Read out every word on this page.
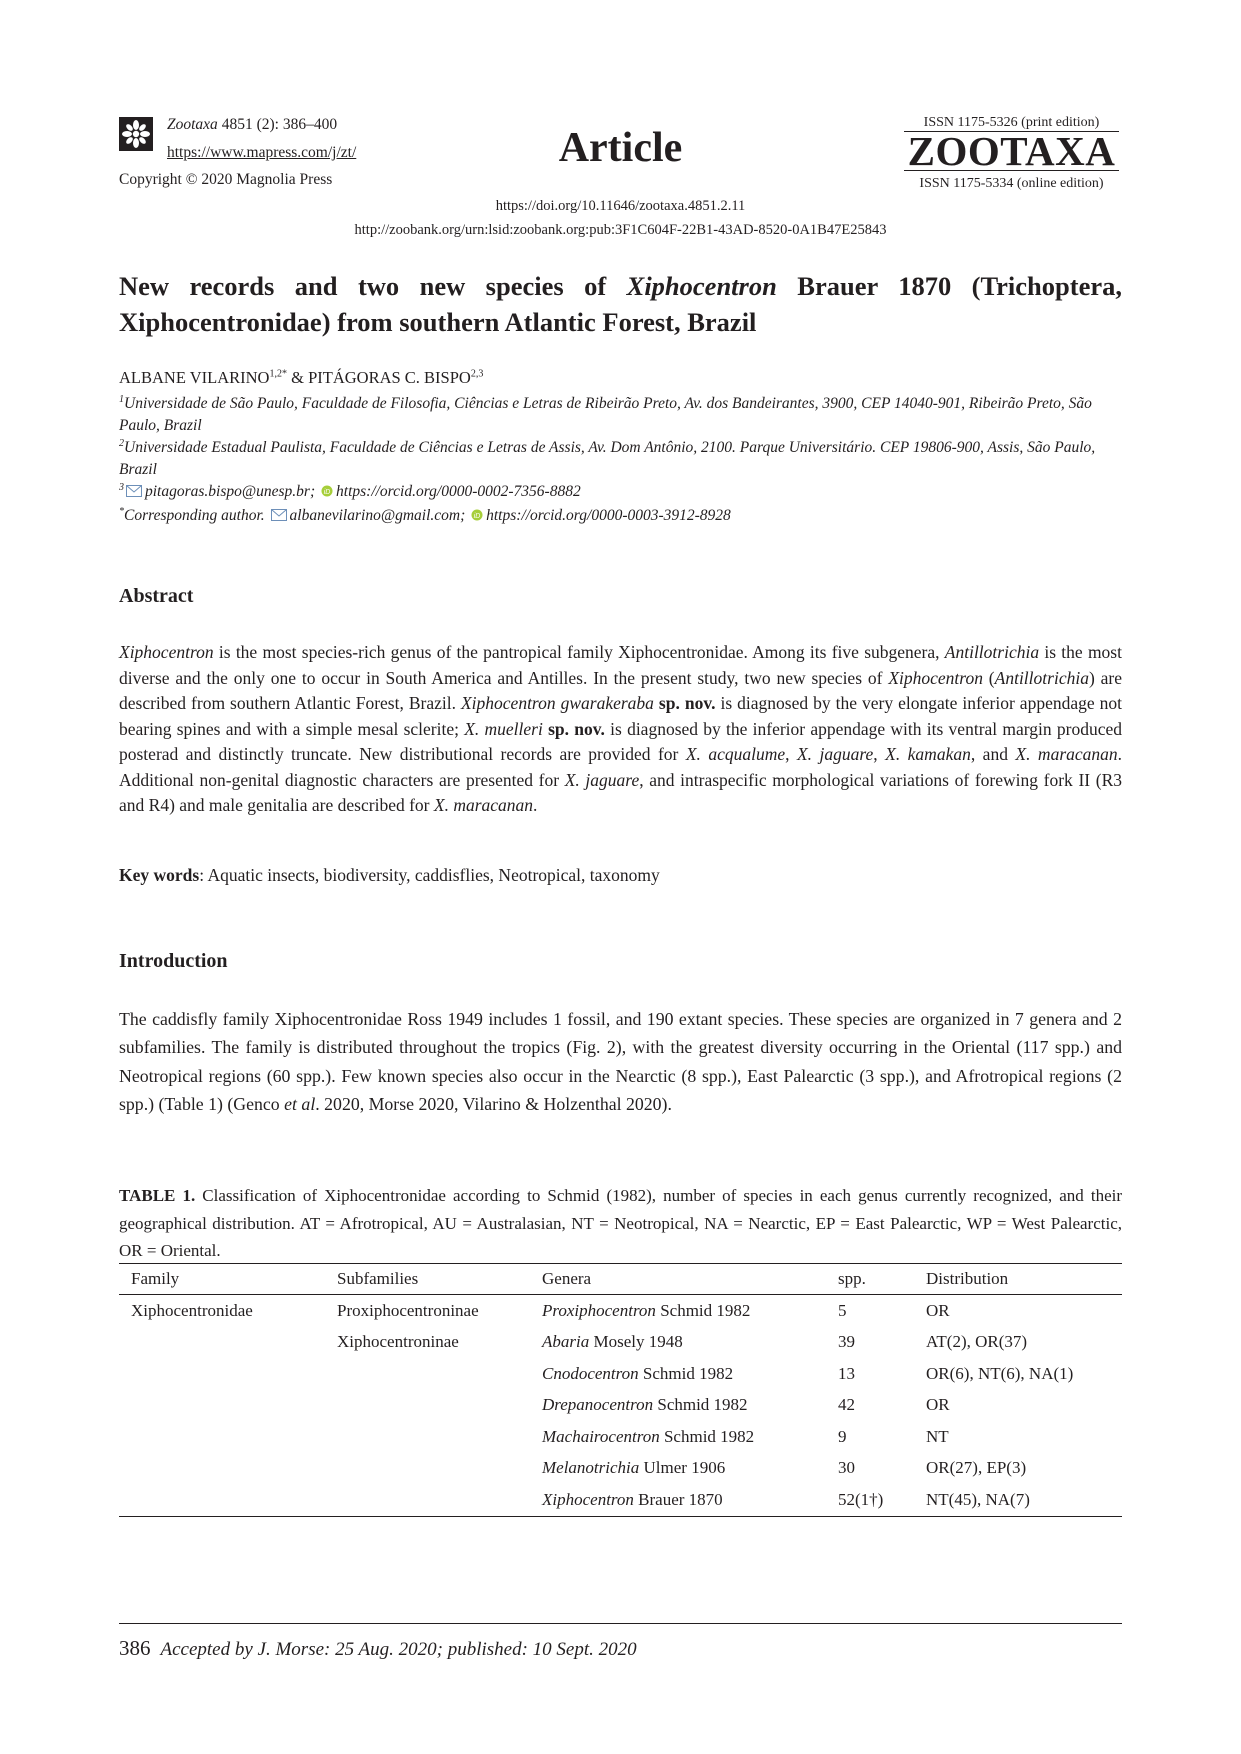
Zootaxa 4851 (2): 386–400
https://www.mapress.com/j/zt/
Copyright © 2020 Magnolia Press
Article
ISSN 1175-5326 (print edition)
ZOOTAXA
ISSN 1175-5334 (online edition)
https://doi.org/10.11646/zootaxa.4851.2.11
http://zoobank.org/urn:lsid:zoobank.org:pub:3F1C604F-22B1-43AD-8520-0A1B47E25843
New records and two new species of Xiphocentron Brauer 1870 (Trichoptera, Xiphocentronidae) from southern Atlantic Forest, Brazil
ALBANE $VILARINO^{1,2*}$ & PITÁGORAS C. BISPO$^{2,3}$
$^1$Universidade de São Paulo, Faculdade de Filosofia, Ciências e Letras de Ribeirão Preto, Av. dos Bandeirantes, 3900, CEP 14040-901, Ribeirão Preto, São Paulo, Brazil
$^2$Universidade Estadual Paulista, Faculdade de Ciências e Letras de Assis, Av. Dom Antônio, 2100. Parque Universitário. CEP 19806-900, Assis, São Paulo, Brazil
$^3$ pitagoras.bispo@unesp.br; iD https://orcid.org/0000-0002-7356-8882
*Corresponding author. albanevilarino@gmail.com; iD https://orcid.org/0000-0003-3912-8928
Abstract
Xiphocentron is the most species-rich genus of the pantropical family Xiphocentronidae. Among its five subgenera, Antillotrichia is the most diverse and the only one to occur in South America and Antilles. In the present study, two new species of Xiphocentron (Antillotrichia) are described from southern Atlantic Forest, Brazil. Xiphocentron gwarakeraba sp. nov. is diagnosed by the very elongate inferior appendage not bearing spines and with a simple mesal sclerite; X. muelleri sp. nov. is diagnosed by the inferior appendage with its ventral margin produced posterad and distinctly truncate. New distributional records are provided for X. acqualume, X. jaguare, X. kamakan, and X. maracanan. Additional non-genital diagnostic characters are presented for X. jaguare, and intraspecific morphological variations of forewing fork II (R3 and R4) and male genitalia are described for X. maracanan.
Key words: Aquatic insects, biodiversity, caddisflies, Neotropical, taxonomy
Introduction
The caddisfly family Xiphocentronidae Ross 1949 includes 1 fossil, and 190 extant species. These species are organized in 7 genera and 2 subfamilies. The family is distributed throughout the tropics (Fig. 2), with the greatest diversity occurring in the Oriental (117 spp.) and Neotropical regions (60 spp.). Few known species also occur in the Nearctic (8 spp.), East Palearctic (3 spp.), and Afrotropical regions (2 spp.) (Table 1) (Genco et al. 2020, Morse 2020, Vilarino & Holzenthal 2020).
TABLE 1. Classification of Xiphocentronidae according to Schmid (1982), number of species in each genus currently recognized, and their geographical distribution. AT = Afrotropical, AU = Australasian, NT = Neotropical, NA = Nearctic, EP = East Palearctic, WP = West Palearctic, OR = Oriental.
Family	Subfamilies	Genera	spp.	Distribution
Xiphocentronidae	Proxiphocentroninae	Proxiphocentron Schmid 1982	5	OR
	Xiphocentroninae	Abaria Mosely 1948	39	AT(2), OR(37)
		Cnodocentron Schmid 1982	13	OR(6), NT(6), NA(1)
		Drepanocentron Schmid 1982	42	OR
		Machairocentron Schmid 1982	9	NT
		Melanotrichia Ulmer 1906	30	OR(27), EP(3)
		Xiphocentron Brauer 1870	52(1†)	NT(45), NA(7)
386 Accepted by J. Morse: 25 Aug. 2020; published: 10 Sept. 2020
